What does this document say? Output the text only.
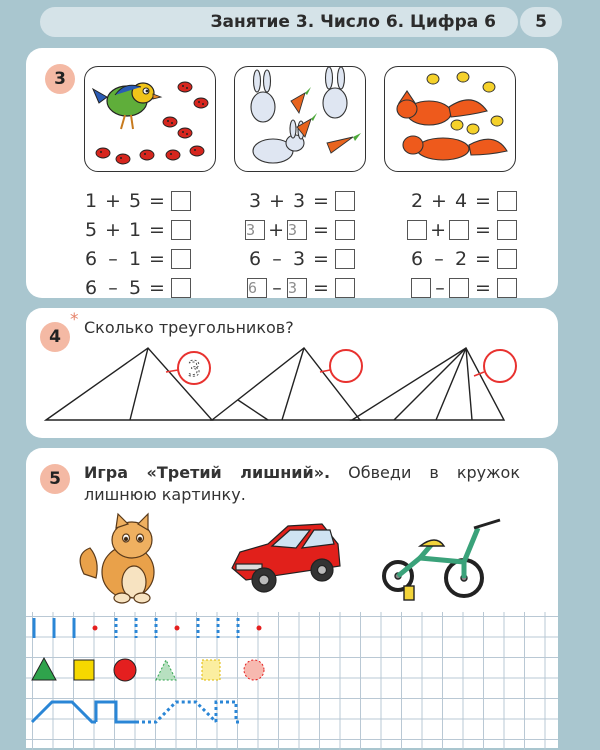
Занятие 3. Число 6. Цифра 6 5
3
1 + 5 =
5 + 1 =
6 – 1 =
6 – 5 =
3 + 3 =
3 + 3 =
6 – 3 =
6 – 3 =
2 + 4 =
+ =
6 – 2 =
– =
4
* Сколько треугольников?
3
5	Игра «Третий лишний». Обведи в кружок лишнюю картинку.
